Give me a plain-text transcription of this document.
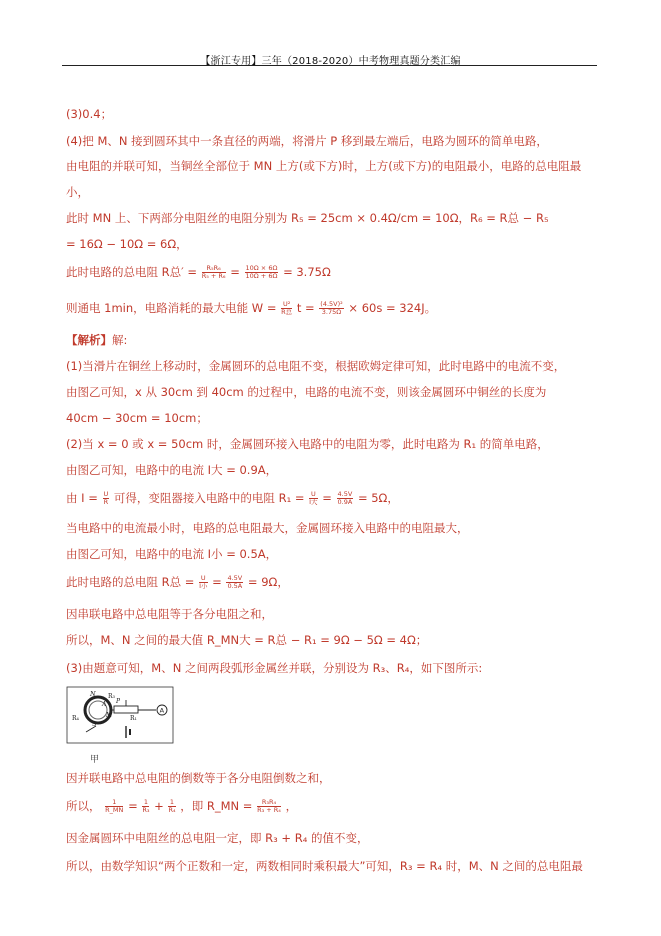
【浙江专用】三年（2018-2020）中考物理真题分类汇编
(3)0.4；
(4)把 M、N 接到圆环其中一条直径的两端，将滑片 P 移到最左端后，电路为圆环的简单电路，
由电阻的并联可知，当铜丝全部位于 MN 上方(或下方)时，上方(或下方)的电阻最小，电路的总电阻最
小，
此时 MN 上、下两部分电阻丝的电阻分别为 R₅ = 25cm × 0.4Ω/cm = 10Ω，R₆ = R总 − R₅
= 16Ω − 10Ω = 6Ω，
此时电路的总电阻 R总′ = $\frac{\text{R₅R₆}}{\text{R₅ + R₆}} = \frac{10\Omega \times 6\Omega}{10\Omega + 6\Omega} = 3.75\Omega$
则通电 1min，电路消耗的最大电能 $W = \frac{\text{U²}}{\text{R总}}$ $t = \frac{\text{(4.5V)²}}{3.75\Omega} \times 60s = 324J$。
【解析】解:
(1)当滑片在铜丝上移动时，金属圆环的总电阻不变，根据欧姆定律可知，此时电路中的电流不变，
由图乙可知，x 从 30cm 到 40cm 的过程中，电路的电流不变，则该金属圆环中铜丝的长度为
40cm − 30cm = 10cm；
(2)当 x = 0 或 x = 50cm 时，金属圆环接入电路中的电阻为零，此时电路为 R₁ 的简单电路，
由图乙可知，电路中的电流 I大 = 0.9A，
由 $I = \frac{U}{R}$ 可得，变阻器接入电路中的电阻 $R_1 = \frac{U}{\text{I大}} = \frac{4.5V}{0.9A} = 5\Omega$，
当电路中的电流最小时，电路的总电阻最大，金属圆环接入电路中的电阻最大，
由图乙可知，电路中的电流 I小 = 0.5A，
此时电路的总电阻 R总 = $\frac{U}{\text{I小}} = \frac{4.5V}{0.5A} = 9\Omega$，
因串联电路中总电阻等于各分电阻之和，
所以，M、N 之间的最大值 R_MN大 = R总 − R₁ = 9Ω − 5Ω = 4Ω；
(3)由题意可知，M、N 之间两段弧形金属丝并联，分别设为 R₃、R₄，如下图所示:
因并联电路中总电阻的倒数等于各分电阻倒数之和，
所以， $\frac{1}{R\_MN} = \frac{1}{\text{R₃}} + \frac{1}{\text{R₄}}$ ，即 R_MN = $\frac{\text{R₃R₄}}{\text{R₃ + R₄}}$ ，
因金属圆环中电阻丝的总电阻一定，即 R₃ + R₄ 的值不变，
所以，由数学知识“两个正数和一定，两数相同时乘积最大”可知，R₃ = R₄ 时，M、N 之间的总电阻最
A
N R₃
P
A
M
R₄	R₁
S
甲
